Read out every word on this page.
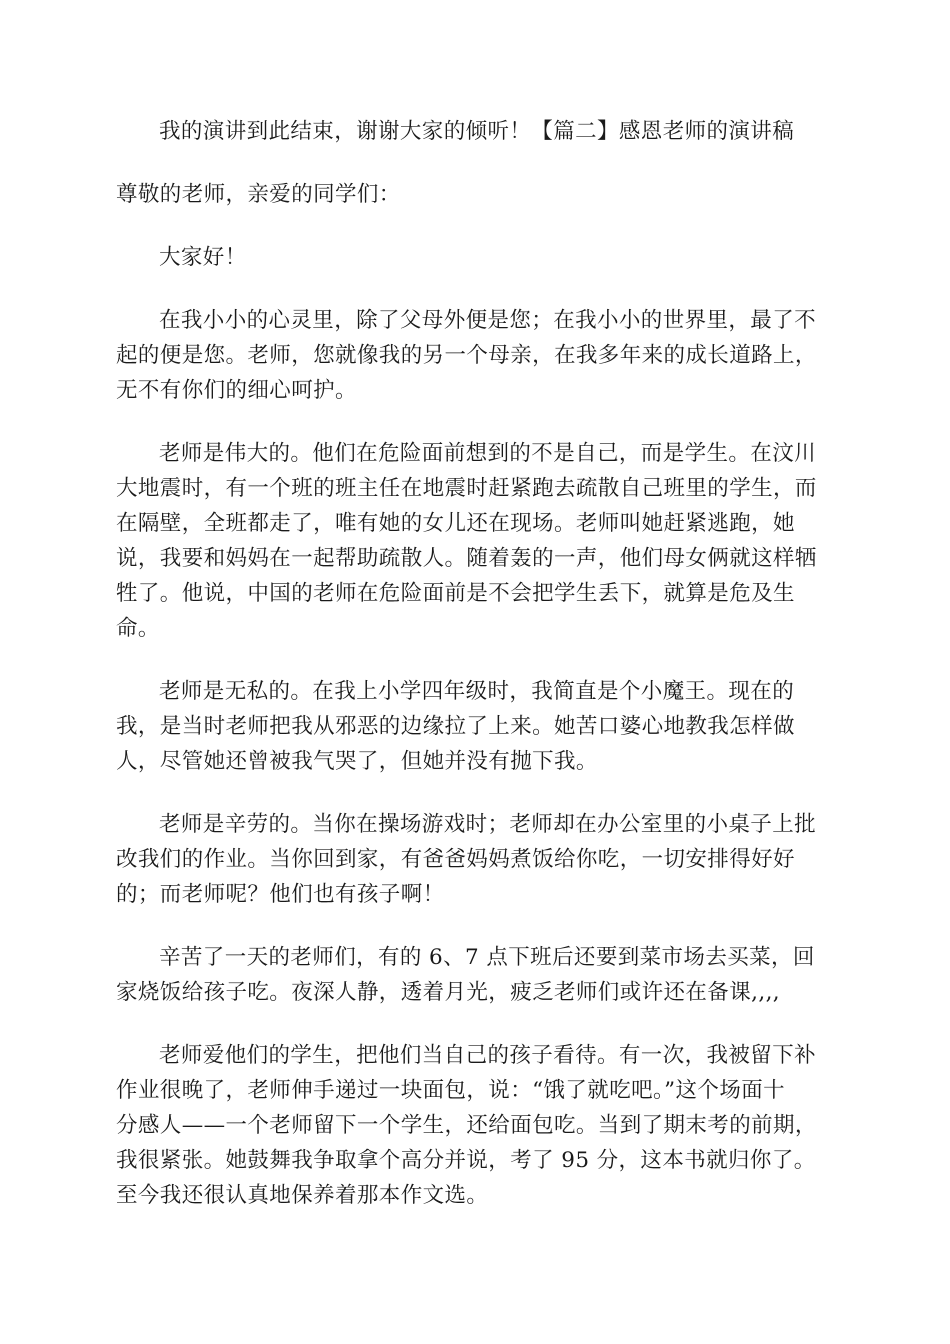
我的演讲到此结束，谢谢大家的倾听！【篇二】感恩老师的演讲稿

尊敬的老师，亲爱的同学们：

大家好！

在我小小的心灵里，除了父母外便是您；在我小小的世界里，最了不
起的便是您。老师，您就像我的另一个母亲，在我多年来的成长道路上，
无不有你们的细心呵护。

老师是伟大的。他们在危险面前想到的不是自己，而是学生。在汶川
大地震时，有一个班的班主任在地震时赶紧跑去疏散自己班里的学生，而
在隔壁，全班都走了，唯有她的女儿还在现场。老师叫她赶紧逃跑，她
说，我要和妈妈在一起帮助疏散人。随着轰的一声，他们母女俩就这样牺
牲了。他说，中国的老师在危险面前是不会把学生丢下，就算是危及生
命。

老师是无私的。在我上小学四年级时，我简直是个小魔王。现在的
我，是当时老师把我从邪恶的边缘拉了上来。她苦口婆心地教我怎样做
人，尽管她还曾被我气哭了，但她并没有抛下我。

老师是辛劳的。当你在操场游戏时；老师却在办公室里的小桌子上批
改我们的作业。当你回到家，有爸爸妈妈煮饭给你吃，一切安排得好好
的；而老师呢？他们也有孩子啊！

辛苦了一天的老师们，有的 6、7 点下班后还要到菜市场去买菜，回
家烧饭给孩子吃。夜深人静，透着月光，疲乏老师们或许还在备课,,,,

老师爱他们的学生，把他们当自己的孩子看待。有一次，我被留下补
作业很晚了，老师伸手递过一块面包，说：“饿了就吃吧。”这个场面十
分感人——一个老师留下一个学生，还给面包吃。当到了期末考的前期，
我很紧张。她鼓舞我争取拿个高分并说，考了 95 分，这本书就归你了。
至今我还很认真地保养着那本作文选。
